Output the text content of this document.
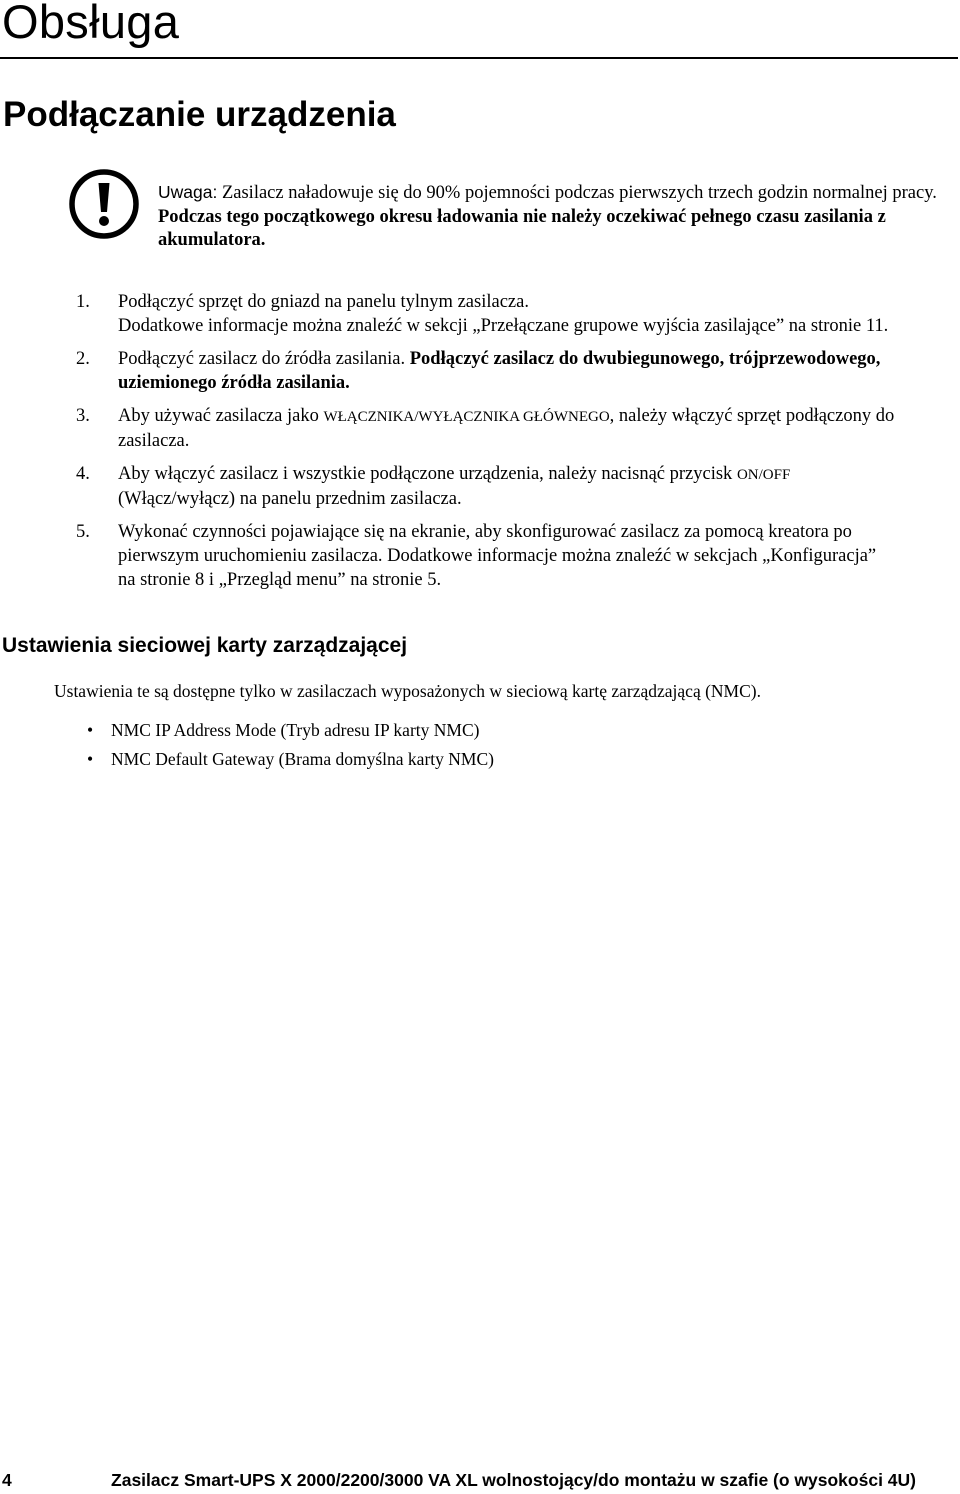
Obsługa
Podłączanie urządzenia
Uwaga: Zasilacz naładowuje się do 90% pojemności podczas pierwszych trzech godzin normalnej pracy. Podczas tego początkowego okresu ładowania nie należy oczekiwać pełnego czasu zasilania z akumulatora.
1. Podłączyć sprzęt do gniazd na panelu tylnym zasilacza.
Dodatkowe informacje można znaleźć w sekcji „Przełączane grupowe wyjścia zasilające” na stronie 11.
2. Podłączyć zasilacz do źródła zasilania. Podłączyć zasilacz do dwubiegunowego, trójprzewodowego, uziemionego źródła zasilania.
3. Aby używać zasilacza jako WŁĄCZNIKA/WYŁĄCZNIKA GŁÓWNEGO, należy włączyć sprzęt podłączony do zasilacza.
4. Aby włączyć zasilacz i wszystkie podłączone urządzenia, należy nacisnąć przycisk ON/OFF (Włącz/wyłącz) na panelu przednim zasilacza.
5. Wykonać czynności pojawiające się na ekranie, aby skonfigurować zasilacz za pomocą kreatora po pierwszym uruchomieniu zasilacza. Dodatkowe informacje można znaleźć w sekcjach „Konfiguracja” na stronie 8 i „Przegląd menu” na stronie 5.
Ustawienia sieciowej karty zarządzającej

Ustawienia te są dostępne tylko w zasilaczach wyposażonych w sieciową kartę zarządzającą (NMC).

• NMC IP Address Mode (Tryb adresu IP karty NMC)
• NMC Default Gateway (Brama domyślna karty NMC)
4	Zasilacz Smart-UPS X 2000/2200/3000 VA XL wolnostojący/do montażu w szafie (o wysokości 4U)
